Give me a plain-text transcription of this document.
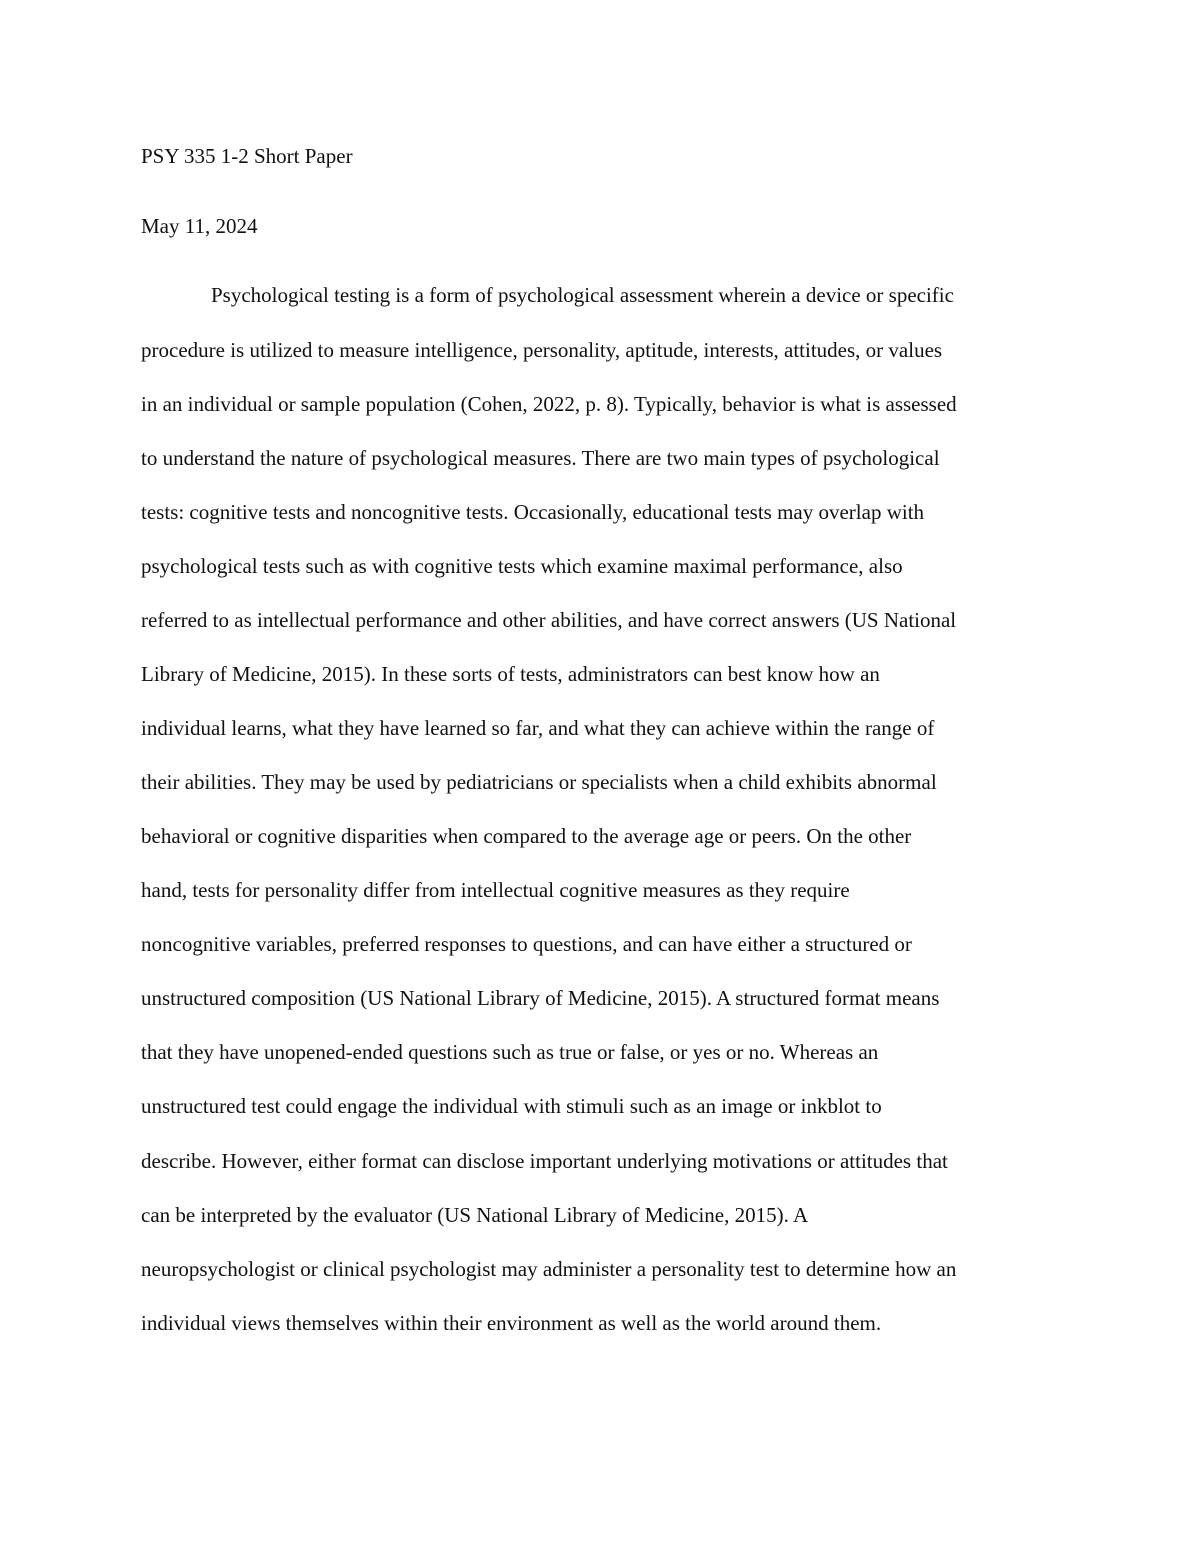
PSY 335 1-2 Short Paper
May 11, 2024
Psychological testing is a form of psychological assessment wherein a device or specific
procedure is utilized to measure intelligence, personality, aptitude, interests, attitudes, or values
in an individual or sample population (Cohen, 2022, p. 8). Typically, behavior is what is assessed
to understand the nature of psychological measures. There are two main types of psychological
tests: cognitive tests and noncognitive tests. Occasionally, educational tests may overlap with
psychological tests such as with cognitive tests which examine maximal performance, also
referred to as intellectual performance and other abilities, and have correct answers (US National
Library of Medicine, 2015). In these sorts of tests, administrators can best know how an
individual learns, what they have learned so far, and what they can achieve within the range of
their abilities. They may be used by pediatricians or specialists when a child exhibits abnormal
behavioral or cognitive disparities when compared to the average age or peers. On the other
hand, tests for personality differ from intellectual cognitive measures as they require
noncognitive variables, preferred responses to questions, and can have either a structured or
unstructured composition (US National Library of Medicine, 2015). A structured format means
that they have unopened-ended questions such as true or false, or yes or no. Whereas an
unstructured test could engage the individual with stimuli such as an image or inkblot to
describe. However, either format can disclose important underlying motivations or attitudes that
can be interpreted by the evaluator (US National Library of Medicine, 2015). A
neuropsychologist or clinical psychologist may administer a personality test to determine how an
individual views themselves within their environment as well as the world around them.
